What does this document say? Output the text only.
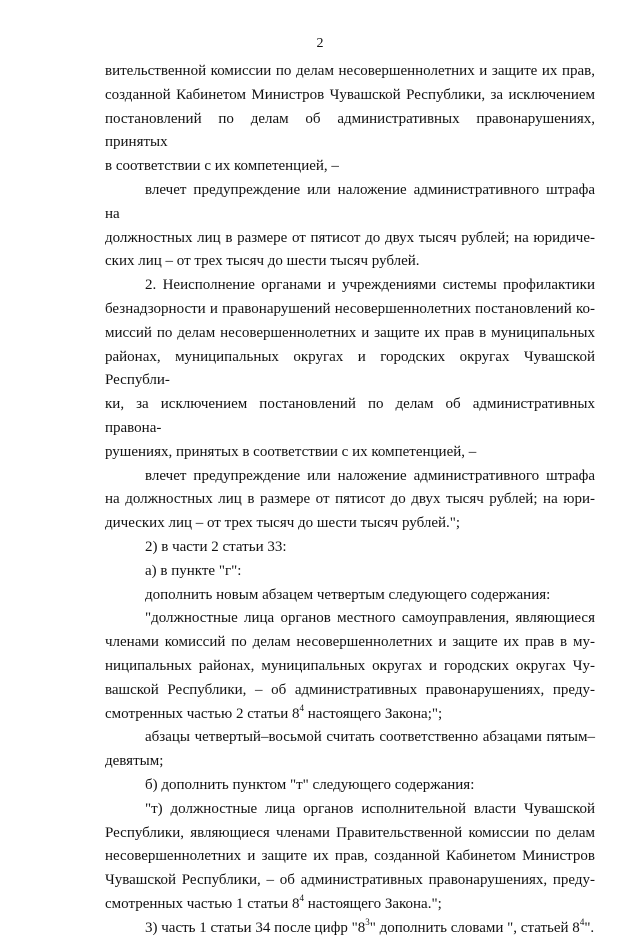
2

вительственной комиссии по делам несовершеннолетних и защите их прав,

созданной Кабинетом Министров Чувашской Республики, за исключением

постановлений по делам об административных правонарушениях, принятых

в соответствии с их компетенцией, –

влечет предупреждение или наложение административного штрафа на

должностных лиц в размере от пятисот до двух тысяч рублей; на юридиче-

ских лиц – от трех тысяч до шести тысяч рублей.

2. Неисполнение органами и учреждениями системы профилактики

безнадзорности и правонарушений несовершеннолетних постановлений ко-

миссий по делам несовершеннолетних и защите их прав в муниципальных

районах, муниципальных округах и городских округах Чувашской Республи-

ки, за исключением постановлений по делам об административных правона-

рушениях, принятых в соответствии с их компетенцией, –

влечет предупреждение или наложение административного штрафа

на должностных лиц в размере от пятисот до двух тысяч рублей; на юри-

дических лиц – от трех тысяч до шести тысяч рублей.";

2) в части 2 статьи 33:

а) в пункте "г":

дополнить новым абзацем четвертым следующего содержания:

"должностные лица органов местного самоуправления, являющиеся

членами комиссий по делам несовершеннолетних и защите их прав в му-

ниципальных районах, муниципальных округах и городских округах Чу-

вашской Республики, – об административных правонарушениях, преду-

смотренных частью 2 статьи $8^4$ настоящего Закона;";

абзацы четвертый–восьмой считать соответственно абзацами пятым–

девятым;

б) дополнить пунктом "т" следующего содержания:

"т) должностные лица органов исполнительной власти Чувашской

Республики, являющиеся членами Правительственной комиссии по делам

несовершеннолетних и защите их прав, созданной Кабинетом Министров

Чувашской Республики, – об административных правонарушениях, преду-

смотренных частью 1 статьи $8^4$ настоящего Закона.";

3) часть 1 статьи 34 после цифр "$8^3$" дополнить словами ", статьей $8^4$".
